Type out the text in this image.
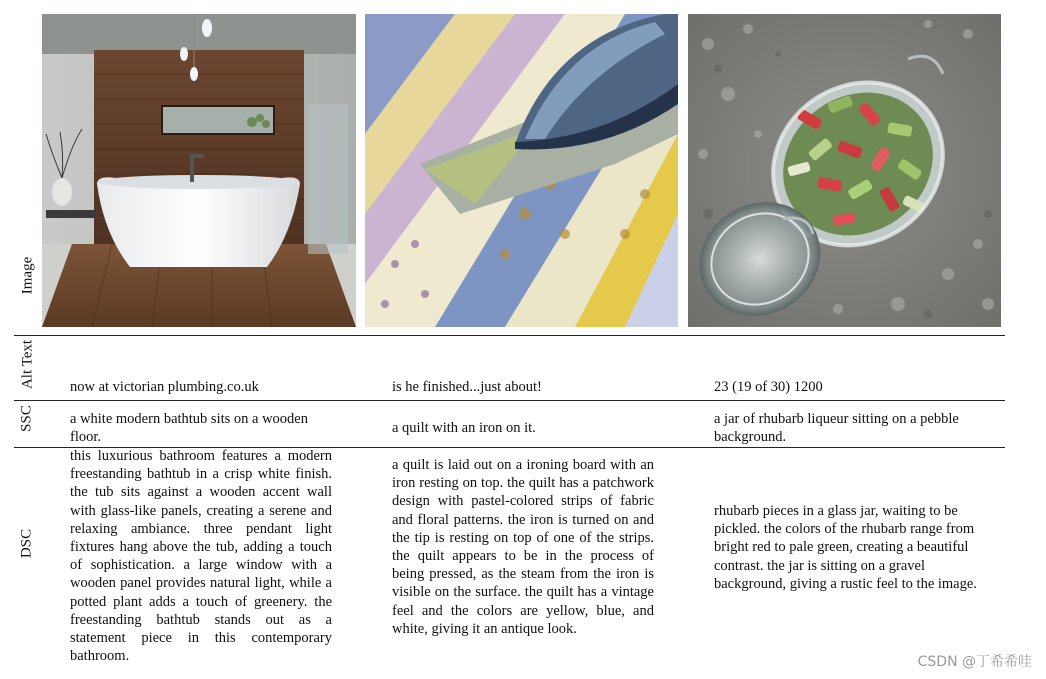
Image
Alt Text
SSC
DSC
now at victorian plumbing.co.uk	is he finished...just about!	23 (19 of 30) 1200
a white modern bathtub sits on a wooden floor.
a quilt with an iron on it.
a jar of rhubarb liqueur sitting on a pebble background.
this luxurious bathroom features a modern freestanding bathtub in a crisp white finish. the tub sits against a wooden accent wall with glass-like panels, creating a serene and relaxing ambiance. three pendant light fixtures hang above the tub, adding a touch of sophistication. a large window with a wooden panel provides natural light, while a potted plant adds a touch of greenery. the freestanding bathtub stands out as a statement piece in this contemporary bathroom.
a quilt is laid out on a ironing board with an iron resting on top. the quilt has a patchwork design with pastel-colored strips of fabric and floral patterns. the iron is turned on and the tip is resting on top of one of the strips. the quilt appears to be in the process of being pressed, as the steam from the iron is visible on the surface. the quilt has a vintage feel and the colors are yellow, blue, and white, giving it an antique look.
rhubarb pieces in a glass jar, waiting to be pickled. the colors of the rhubarb range from bright red to pale green, creating a beautiful contrast. the jar is sitting on a gravel background, giving a rustic feel to the image.
CSDN @丁希希哇
